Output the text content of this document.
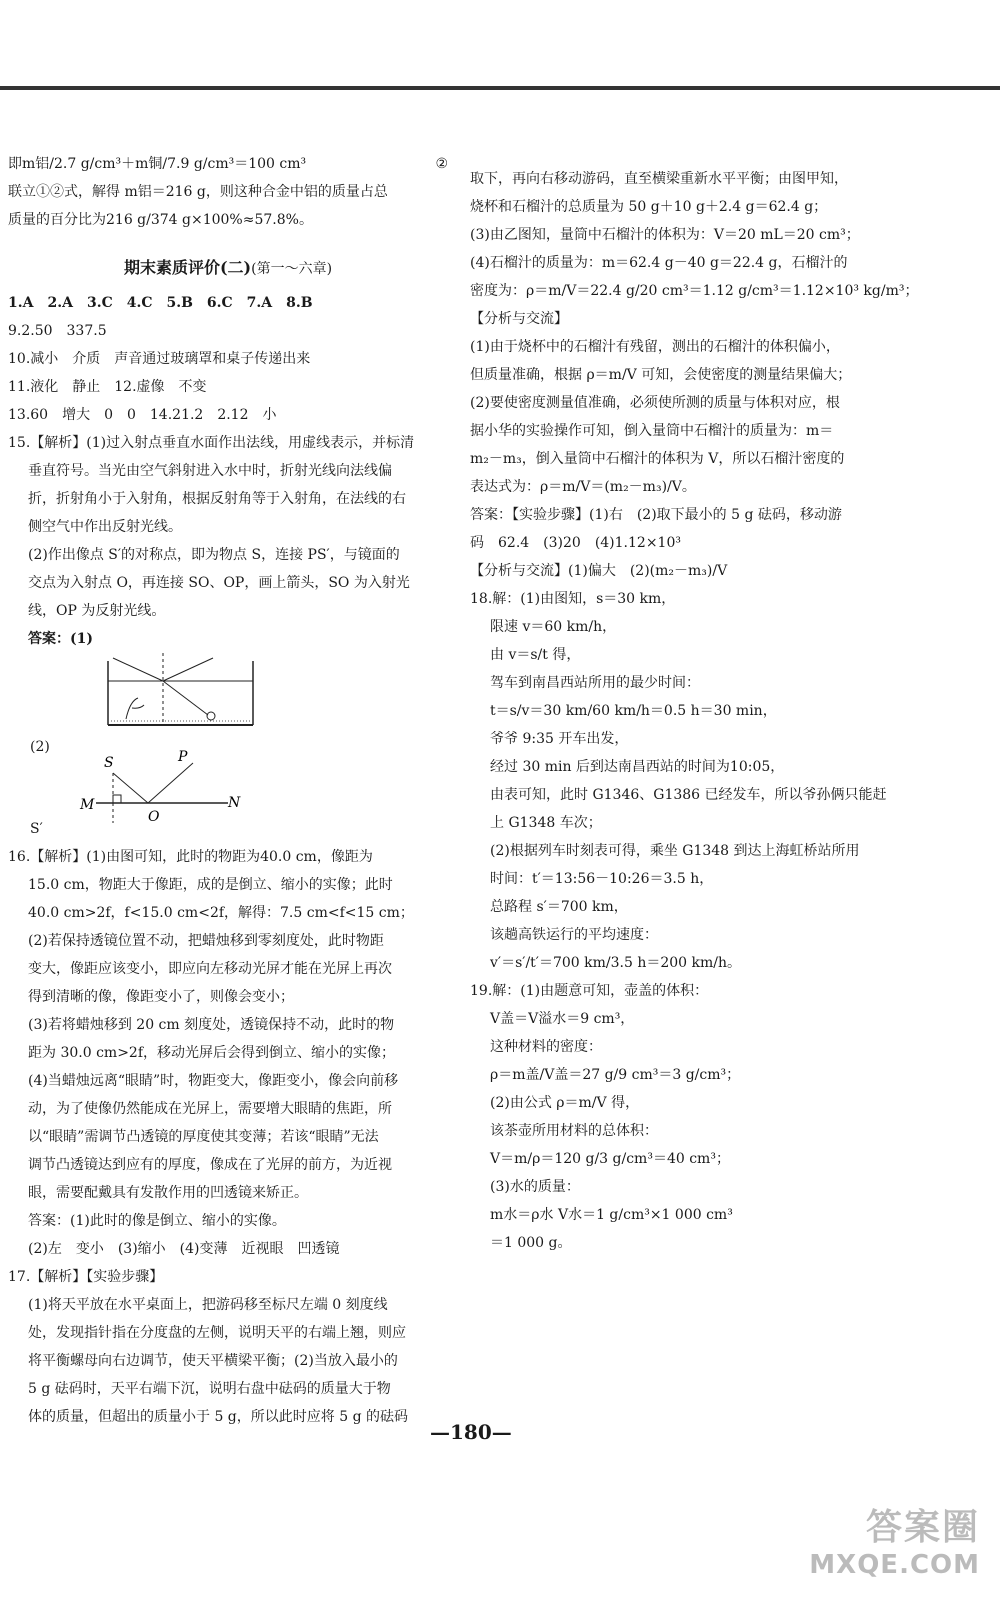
即m铝/2.7 g/cm³＋m铜/7.9 g/cm³＝100 cm³	②
联立①②式，解得 m铝＝216 g，则这种合金中铝的质量占总
质量的百分比为216 g/374 g×100%≈57.8%。
期末素质评价(二)(第一～六章)
1.A　2.A　3.C　4.C　5.B　6.C　7.A　8.B
9.2.50　337.5
10.减小　介质　声音通过玻璃罩和桌子传递出来
11.液化　静止　12.虚像　不变
13.60　增大　0　0　14.21.2　2.12　小
15.【解析】(1)过入射点垂直水面作出法线，用虚线表示，并标清
垂直符号。当光由空气斜射进入水中时，折射光线向法线偏
折，折射角小于入射角，根据反射角等于入射角，在法线的右
侧空气中作出反射光线。
(2)作出像点 S′的对称点，即为物点 S，连接 PS′，与镜面的
交点为入射点 O，再连接 SO、OP，画上箭头，SO 为入射光
线，OP 为反射光线。
答案：(1)
(2)
S	P
M	N
O
S′
16.【解析】(1)由图可知，此时的物距为40.0 cm，像距为
15.0 cm，物距大于像距，成的是倒立、缩小的实像；此时
40.0 cm>2f，f<15.0 cm<2f，解得：7.5 cm<f<15 cm；
(2)若保持透镜位置不动，把蜡烛移到零刻度处，此时物距
变大，像距应该变小，即应向左移动光屏才能在光屏上再次
得到清晰的像，像距变小了，则像会变小；
(3)若将蜡烛移到 20 cm 刻度处，透镜保持不动，此时的物
距为 30.0 cm>2f，移动光屏后会得到倒立、缩小的实像；
(4)当蜡烛远离“眼睛”时，物距变大，像距变小，像会向前移
动，为了使像仍然能成在光屏上，需要增大眼睛的焦距，所
以“眼睛”需调节凸透镜的厚度使其变薄；若该“眼睛”无法
调节凸透镜达到应有的厚度，像成在了光屏的前方，为近视
眼，需要配戴具有发散作用的凹透镜来矫正。
答案：(1)此时的像是倒立、缩小的实像。
(2)左　变小　(3)缩小　(4)变薄　近视眼　凹透镜
17.【解析】【实验步骤】
(1)将天平放在水平桌面上，把游码移至标尺左端 0 刻度线
处，发现指针指在分度盘的左侧，说明天平的右端上翘，则应
将平衡螺母向右边调节，使天平横梁平衡；(2)当放入最小的
5 g 砝码时，天平右端下沉，说明右盘中砝码的质量大于物
体的质量，但超出的质量小于 5 g，所以此时应将 5 g 的砝码
取下，再向右移动游码，直至横梁重新水平平衡；由图甲知，
烧杯和石榴汁的总质量为 50 g＋10 g＋2.4 g＝62.4 g；
(3)由乙图知，量筒中石榴汁的体积为：V＝20 mL＝20 cm³；
(4)石榴汁的质量为：m＝62.4 g－40 g＝22.4 g，石榴汁的
密度为：ρ＝m/V＝22.4 g/20 cm³＝1.12 g/cm³＝1.12×10³ kg/m³；
【分析与交流】
(1)由于烧杯中的石榴汁有残留，测出的石榴汁的体积偏小，
但质量准确，根据 ρ＝m/V 可知，会使密度的测量结果偏大；
(2)要使密度测量值准确，必须使所测的质量与体积对应，根
据小华的实验操作可知，倒入量筒中石榴汁的质量为：m＝
m₂－m₃，倒入量筒中石榴汁的体积为 V，所以石榴汁密度的
表达式为：ρ＝m/V＝(m₂－m₃)/V。
答案：【实验步骤】(1)右　(2)取下最小的 5 g 砝码，移动游
码　62.4　(3)20　(4)1.12×10³
【分析与交流】(1)偏大　(2)(m₂－m₃)/V
18.解：(1)由图知，s＝30 km，
限速 v＝60 km/h，
由 v＝s/t 得，
驾车到南昌西站所用的最少时间：
t＝s/v＝30 km/60 km/h＝0.5 h＝30 min，
爷爷 9:35 开车出发，
经过 30 min 后到达南昌西站的时间为10:05，
由表可知，此时 G1346、G1386 已经发车，所以爷孙俩只能赶
上 G1348 车次；
(2)根据列车时刻表可得，乘坐 G1348 到达上海虹桥站所用
时间：t′＝13:56－10:26＝3.5 h，
总路程 s′＝700 km，
该趟高铁运行的平均速度：
v′＝s′/t′＝700 km/3.5 h＝200 km/h。
19.解：(1)由题意可知，壶盖的体积：
V盖＝V溢水＝9 cm³，
这种材料的密度：
ρ＝m盖/V盖＝27 g/9 cm³＝3 g/cm³；
(2)由公式 ρ＝m/V 得，
该茶壶所用材料的总体积：
V＝m/ρ＝120 g/3 g/cm³＝40 cm³；
(3)水的质量：
m水＝ρ水 V水＝1 g/cm³×1 000 cm³
＝1 000 g。
—180—
答案圈
MXQE.COM
